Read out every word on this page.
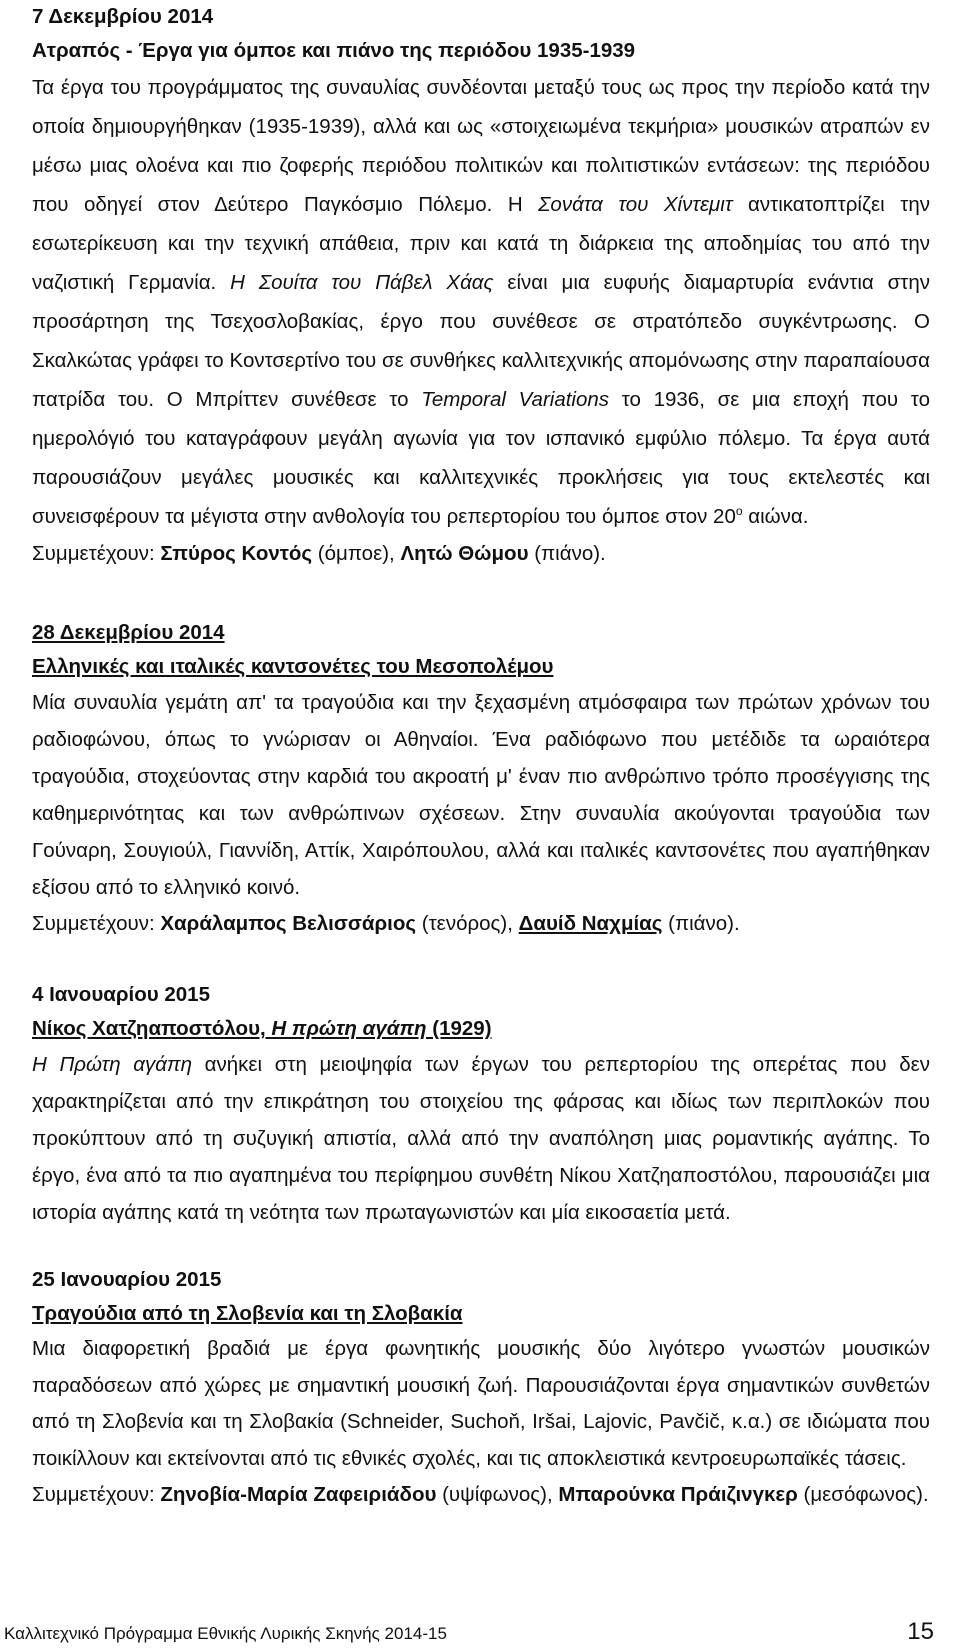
7 Δεκεμβρίου 2014

Ατραπός - Έργα για όμποε και πιάνο της περιόδου 1935-1939

Τα έργα του προγράμματος της συναυλίας συνδέονται μεταξύ τους ως προς την περίοδο κατά την οποία δημιουργήθηκαν (1935-1939), αλλά και ως «στοιχειωμένα τεκμήρια» μουσικών ατραπών εν μέσω μιας ολοένα και πιο ζοφερής περιόδου πολιτικών και πολιτιστικών εντάσεων: της περιόδου που οδηγεί στον Δεύτερο Παγκόσμιο Πόλεμο. Η Σονάτα του Χίντεμιτ αντικατοπτρίζει την εσωτερίκευση και την τεχνική απάθεια, πριν και κατά τη διάρκεια της αποδημίας του από την ναζιστική Γερμανία. Η Σουίτα του Πάβελ Χάας είναι μια ευφυής διαμαρτυρία ενάντια στην προσάρτηση της Τσεχοσλοβακίας, έργο που συνέθεσε σε στρατόπεδο συγκέντρωσης. Ο Σκαλκώτας γράφει το Κοντσερτίνο του σε συνθήκες καλλιτεχνικής απομόνωσης στην παραπαίουσα πατρίδα του. Ο Μπρίττεν συνέθεσε το Temporal Variations το 1936, σε μια εποχή που το ημερολόγιό του καταγράφουν μεγάλη αγωνία για τον ισπανικό εμφύλιο πόλεμο. Τα έργα αυτά παρουσιάζουν μεγάλες μουσικές και καλλιτεχνικές προκλήσεις για τους εκτελεστές και συνεισφέρουν τα μέγιστα στην ανθολογία του ρεπερτορίου του όμποε στον $20^o$ αιώνα.

Συμμετέχουν: Σπύρος Κοντός (όμποε), Λητώ Θώμου (πιάνο).

28 Δεκεμβρίου 2014

Ελληνικές και ιταλικές καντσονέτες του Μεσοπολέμου

Μία συναυλία γεμάτη απ' τα τραγούδια και την ξεχασμένη ατμόσφαιρα των πρώτων χρόνων του ραδιοφώνου, όπως το γνώρισαν οι Αθηναίοι. Ένα ραδιόφωνο που μετέδιδε τα ωραιότερα τραγούδια, στοχεύοντας στην καρδιά του ακροατή μ' έναν πιο ανθρώπινο τρόπο προσέγγισης της καθημερινότητας και των ανθρώπινων σχέσεων. Στην συναυλία ακούγονται τραγούδια των Γούναρη, Σουγιούλ, Γιαννίδη, Αττίκ, Χαιρόπουλου, αλλά και ιταλικές καντσονέτες που αγαπήθηκαν εξίσου από το ελληνικό κοινό.

Συμμετέχουν: Χαράλαμπος Βελισσάριος (τενόρος), Δαυίδ Ναχμίας (πιάνο).

4 Ιανουαρίου 2015

Νίκος Χατζηαποστόλου, Η πρώτη αγάπη (1929)

Η Πρώτη αγάπη ανήκει στη μειοψηφία των έργων του ρεπερτορίου της οπερέτας που δεν χαρακτηρίζεται από την επικράτηση του στοιχείου της φάρσας και ιδίως των περιπλοκών που προκύπτουν από τη συζυγική απιστία, αλλά από την αναπόληση μιας ρομαντικής αγάπης. Το έργο, ένα από τα πιο αγαπημένα του περίφημου συνθέτη Νίκου Χατζηαποστόλου, παρουσιάζει μια ιστορία αγάπης κατά τη νεότητα των πρωταγωνιστών και μία εικοσαετία μετά.

25 Ιανουαρίου 2015

Τραγούδια από τη Σλοβενία και τη Σλοβακία

Μια διαφορετική βραδιά με έργα φωνητικής μουσικής δύο λιγότερο γνωστών μουσικών παραδόσεων από χώρες με σημαντική μουσική ζωή. Παρουσιάζονται έργα σημαντικών συνθετών από τη Σλοβενία και τη Σλοβακία (Schneider, Suchoň, Iršai, Lajovic, Pavčič, κ.α.) σε ιδιώματα που ποικίλλουν και εκτείνονται από τις εθνικές σχολές, και τις αποκλειστικά κεντροευρωπαϊκές τάσεις.

Συμμετέχουν: Ζηνοβία-Μαρία Ζαφειριάδου (υψίφωνος), Μπαρούνκα Πράιζινγκερ (μεσόφωνος).

Καλλιτεχνικό Πρόγραμμα Εθνικής Λυρικής Σκηνής 2014-15	15
